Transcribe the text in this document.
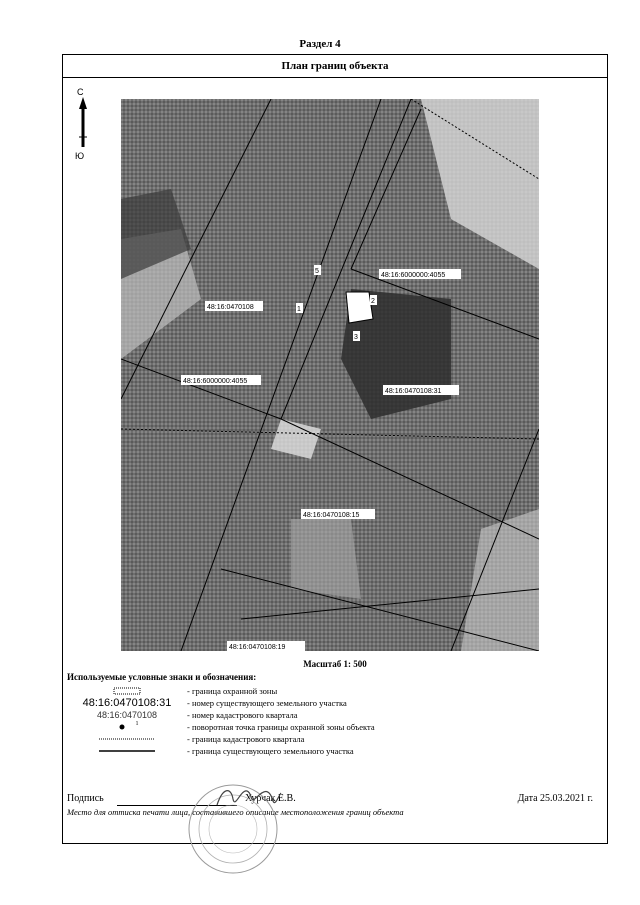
Раздел 4
План границ объекта
С
Ю
48:16:6000000:4055
48:16:0470108
48:16:6000000:4055
48:16:0470108:31
48:16:0470108:15
48:16:0470108:19
5
1
2
3
Масштаб 1: 500
Используемые условные знаки и обозначения:
- граница охранной зоны
48:16:0470108:31	- номер существующего земельного участка
48:16:0470108	- номер кадастрового квартала
$^1$	- поворотная точка границы охранной зоны объекта
- граница кадастрового квартала
- граница существующего земельного участка
Подпись	Хурчак Е.В.	Дата 25.03.2021 г.
Место для оттиска печати лица, составившего описание местоположения границ объекта
